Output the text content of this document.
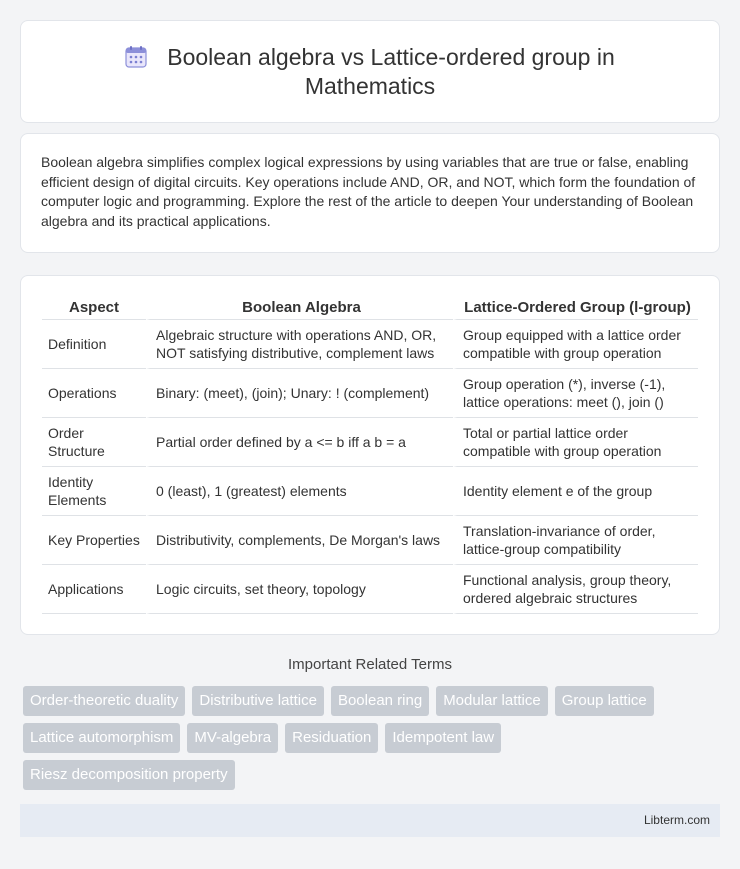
Boolean algebra vs Lattice-ordered group in Mathematics

Boolean algebra simplifies complex logical expressions by using variables that are true or false, enabling efficient design of digital circuits. Key operations include AND, OR, and NOT, which form the foundation of computer logic and programming. Explore the rest of the article to deepen Your understanding of Boolean algebra and its practical applications.

Aspect	Boolean Algebra	Lattice-Ordered Group (l-group)
Definition	Algebraic structure with operations AND, OR, NOT satisfying distributive, complement laws	Group equipped with a lattice order compatible with group operation
Operations	Binary: (meet), (join); Unary: ! (complement)	Group operation (*), inverse (-1), lattice operations: meet (), join ()
Order Structure	Partial order defined by a <= b iff a b = a	Total or partial lattice order compatible with group operation
Identity Elements	0 (least), 1 (greatest) elements	Identity element e of the group
Key Properties	Distributivity, complements, De Morgan's laws	Translation-invariance of order, lattice-group compatibility
Applications	Logic circuits, set theory, topology	Functional analysis, group theory, ordered algebraic structures
Important Related Terms
Order-theoretic duality	Distributive lattice	Boolean ring	Modular lattice	Group lattice
Lattice automorphism	MV-algebra	Residuation	Idempotent law
Riesz decomposition property
Libterm.com
